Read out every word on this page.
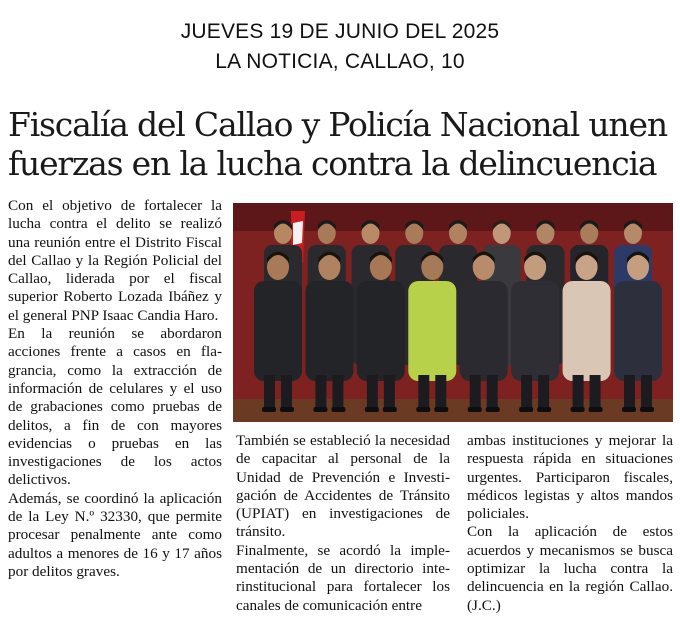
JUEVES 19 DE JUNIO DEL 2025
LA NOTICIA, CALLAO, 10
Fiscalía del Callao y Policía Nacional unen
fuerzas en la lucha contra la delincuencia

Con el objetivo de fortalecer la lucha contra el delito se realizó una reunión entre el Distrito Fiscal del Callao y la Región Policial del Callao, liderada por el fiscal superior Roberto Lozada Ibáñez y el general PNP Isaac Candia Haro.

En la reunión se abordaron acciones frente a casos en flagrancia, como la extracción de información de celulares y el uso de grabaciones como pruebas de delitos, a fin de con mayores evidencias o pruebas en las investigaciones de los actos delictivos.

Además, se coordinó la aplicación de la Ley N.º 32330, que permite procesar penalmente ante como adultos a menores de 16 y 17 años por delitos graves.

También se estableció la necesidad de capacitar al personal de la Unidad de Prevención e Investigación de Accidentes de Tránsito (UPIAT) en investigaciones de tránsito.

Finalmente, se acordó la implementación de un directorio interinstitucional para fortalecer los canales de comunicación entre

ambas instituciones y mejorar la respuesta rápida en situaciones urgentes. Participaron fiscales, médicos legistas y altos mandos policiales.

Con la aplicación de estos acuerdos y mecanismos se busca optimizar la lucha contra la delincuencia en la región Callao. (J.C.)
